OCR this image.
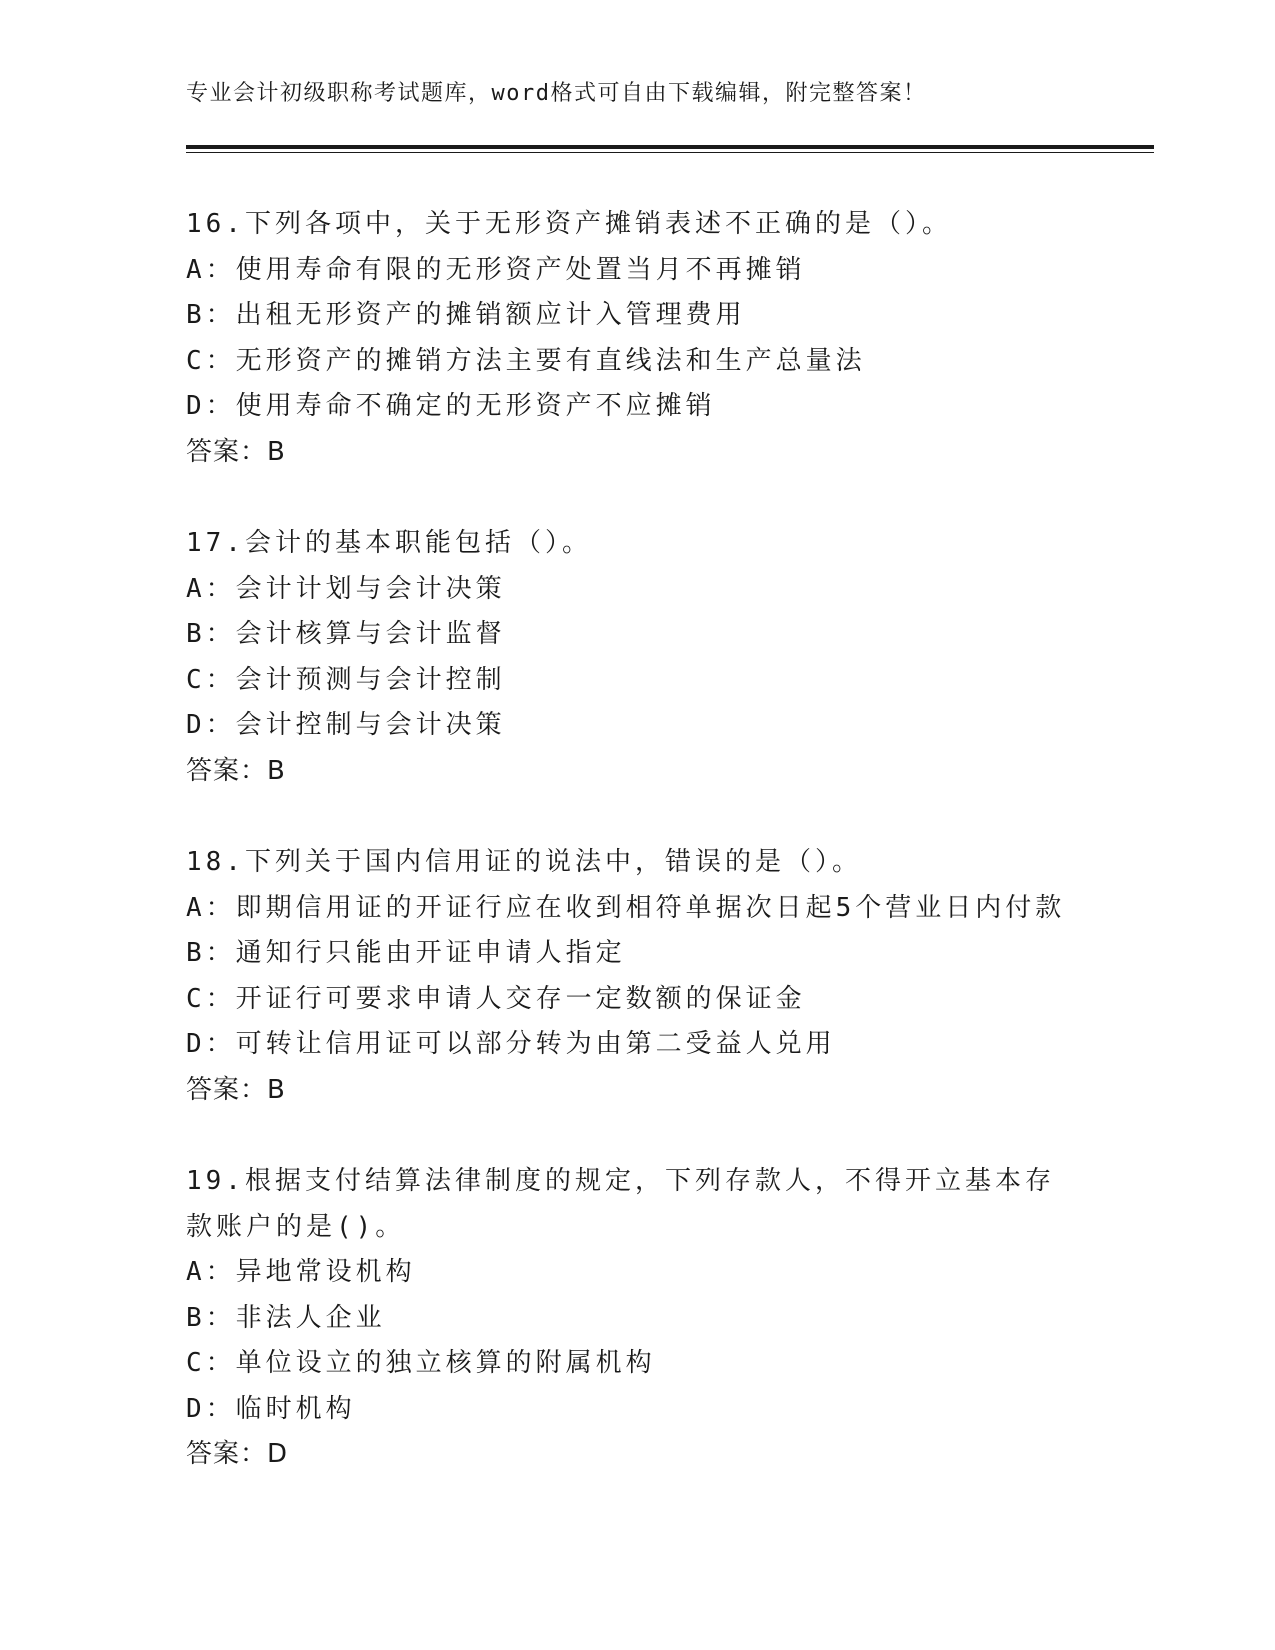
专业会计初级职称考试题库，word格式可自由下载编辑，附完整答案！
16.下列各项中，关于无形资产摊销表述不正确的是（）。
A：使用寿命有限的无形资产处置当月不再摊销
B：出租无形资产的摊销额应计入管理费用
C：无形资产的摊销方法主要有直线法和生产总量法
D：使用寿命不确定的无形资产不应摊销
答案：B
17.会计的基本职能包括（）。
A：会计计划与会计决策
B：会计核算与会计监督
C：会计预测与会计控制
D：会计控制与会计决策
答案：B
18.下列关于国内信用证的说法中，错误的是（）。
A：即期信用证的开证行应在收到相符单据次日起5个营业日内付款
B：通知行只能由开证申请人指定
C：开证行可要求申请人交存一定数额的保证金
D：可转让信用证可以部分转为由第二受益人兑用
答案：B
19.根据支付结算法律制度的规定，下列存款人，不得开立基本存款账户的是()。
A：异地常设机构
B：非法人企业
C：单位设立的独立核算的附属机构
D：临时机构
答案：D
